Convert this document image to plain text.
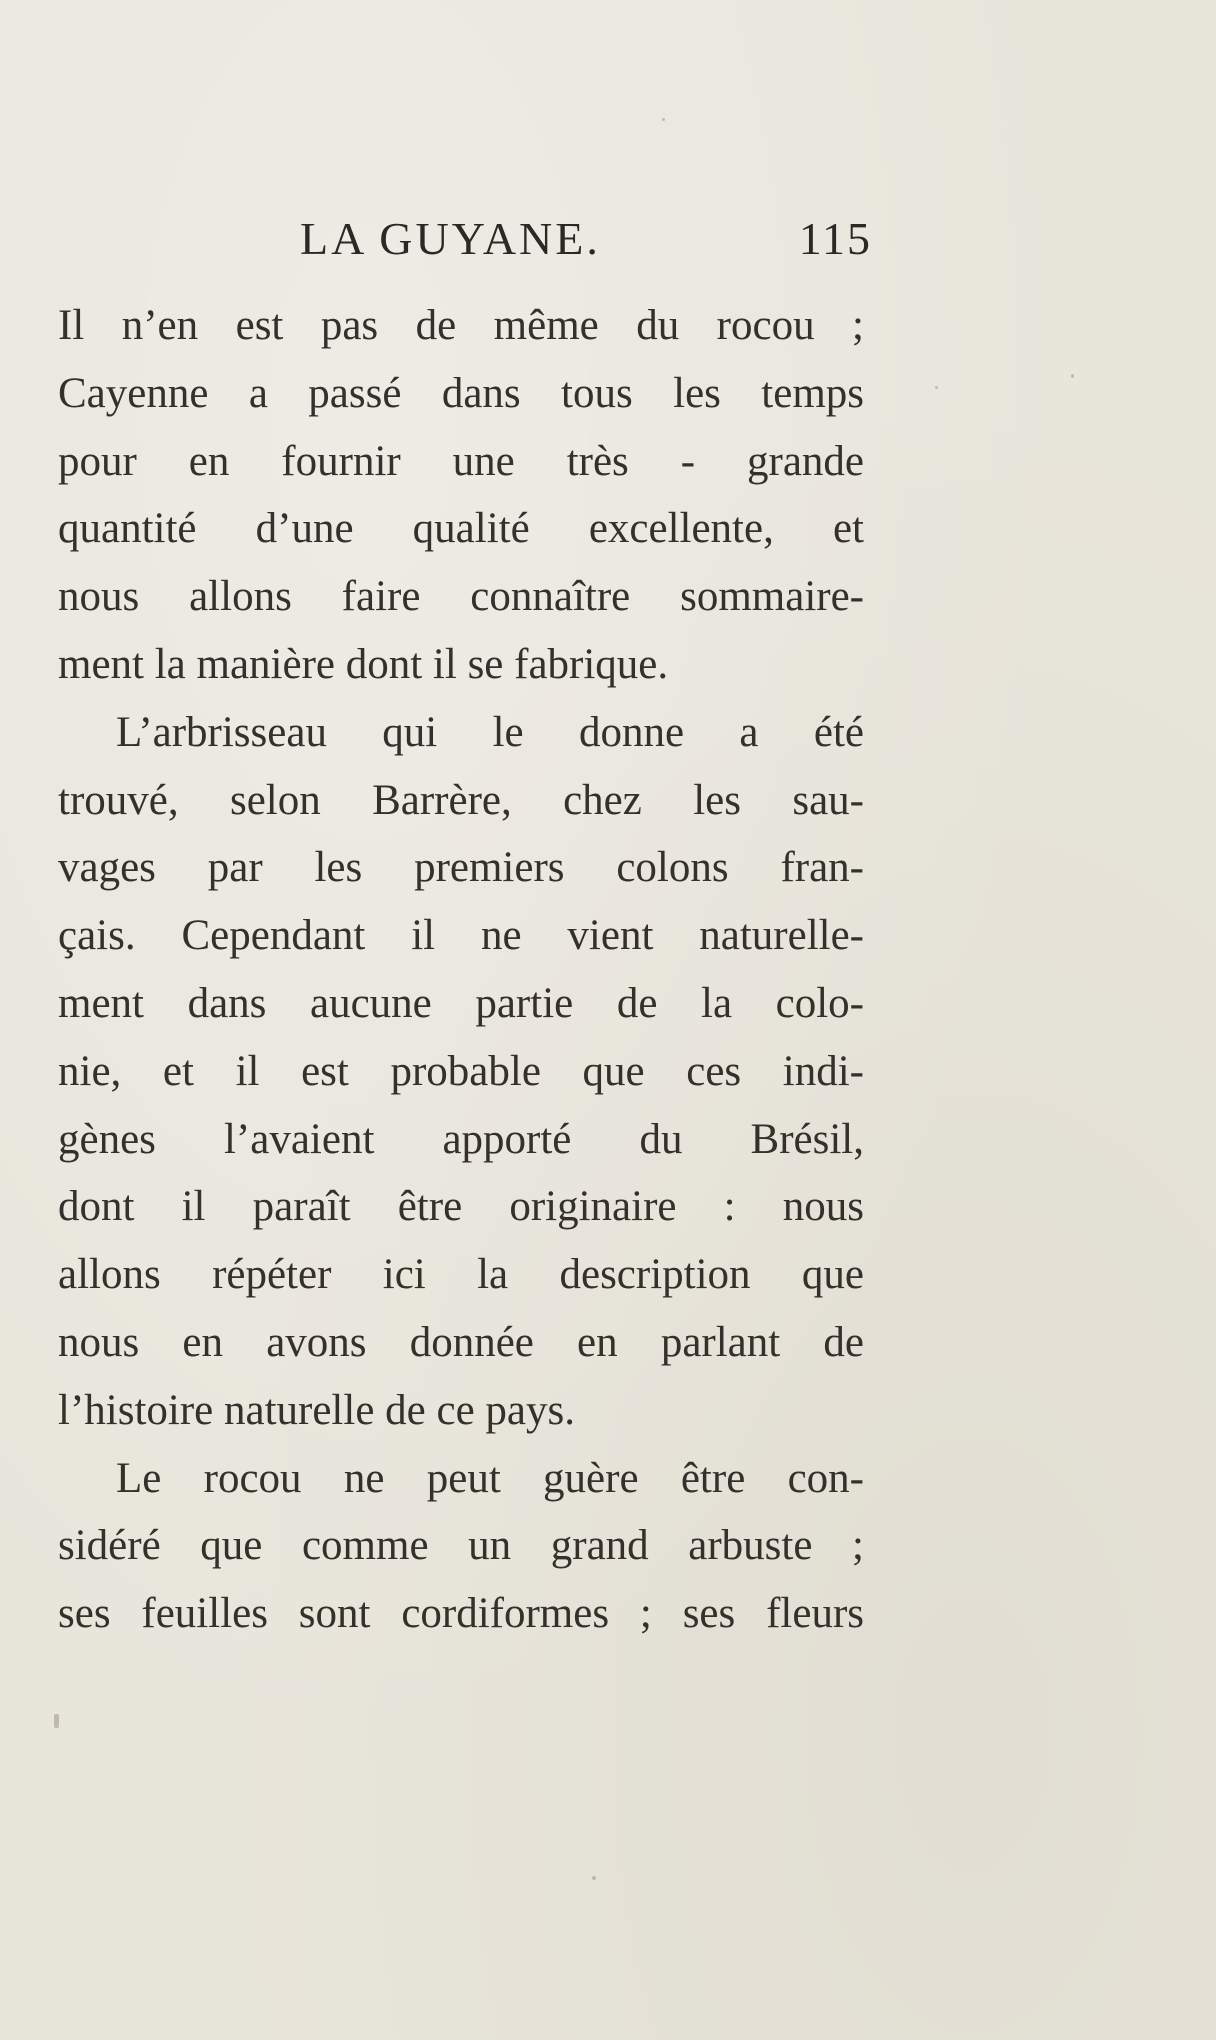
LA GUYANE.	115
Il n’en est pas de même du rocou ;
Cayenne a passé dans tous les temps
pour en fournir une très - grande
quantité d’une qualité excellente, et
nous allons faire connaître sommaire-
ment la manière dont il se fabrique.
L’arbrisseau qui le donne a été
trouvé, selon Barrère, chez les sau-
vages par les premiers colons fran-
çais. Cependant il ne vient naturelle-
ment dans aucune partie de la colo-
nie, et il est probable que ces indi-
gènes l’avaient apporté du Brésil,
dont il paraît être originaire : nous
allons répéter ici la description que
nous en avons donnée en parlant de
l’histoire naturelle de ce pays.
Le rocou ne peut guère être con-
sidéré que comme un grand arbuste ;
ses feuilles sont cordiformes ; ses fleurs
